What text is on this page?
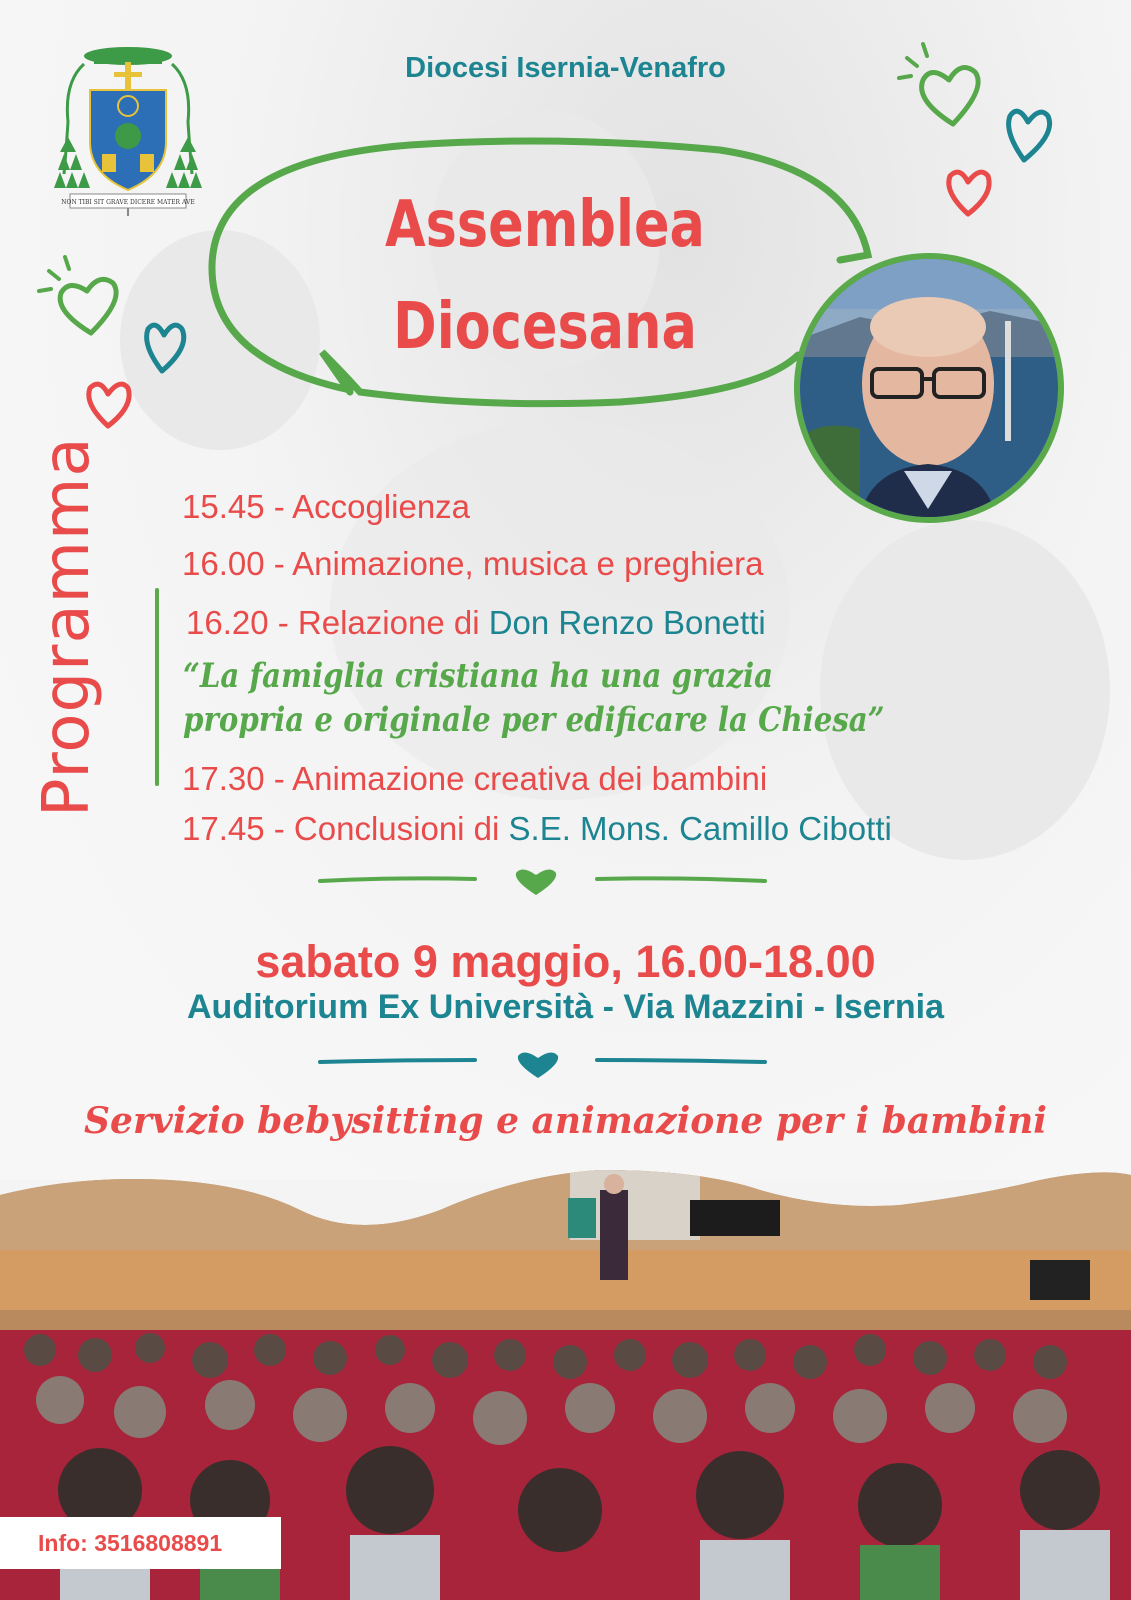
NON TIBI SIT GRAVE DICERE MATER AVE
Diocesi Isernia-Venafro
Assemblea
Diocesana
Programma 15.45 - Accoglienza
16.00 - Animazione, musica e preghiera
16.20 - Relazione di Don Renzo Bonetti
“La famiglia cristiana ha una grazia
propria e originale per edificare la Chiesa”
17.30 - Animazione creativa dei bambini
17.45 - Conclusioni di S.E. Mons. Camillo Cibotti
sabato 9 maggio, 16.00-18.00
Auditorium Ex Università - Via Mazzini - Isernia
Servizio bebysitting e animazione per i bambini
Info: 3516808891
